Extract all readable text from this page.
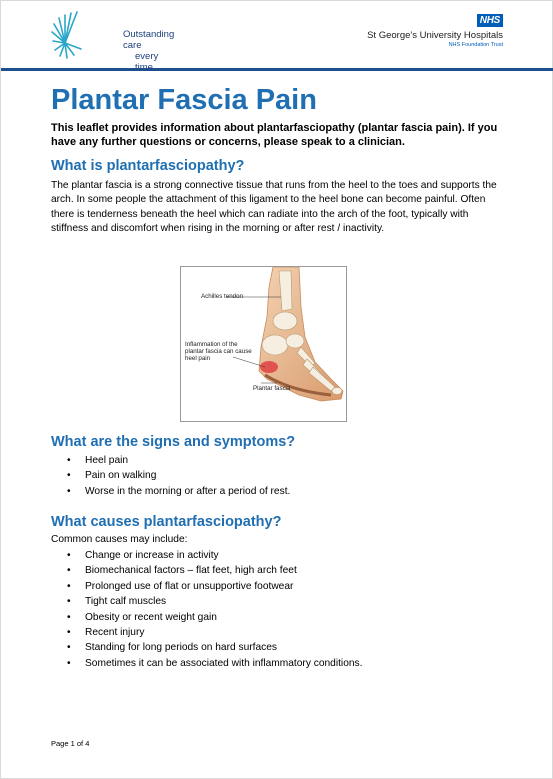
Outstanding care
every
NHS
St George's University Hospitals
NHS Foundation Trust
Plantar Fascia Pain

This leaflet provides information about plantarfasciopathy (plantar fascia pain). If you have any further questions or concerns, please speak to a clinician.

What is plantarfasciopathy?

The plantar fascia is a strong connective tissue that runs from the heel to the toes and supports the arch. In some people the attachment of this ligament to the heel bone can become painful. Often there is tenderness beneath the heel which can radiate into the arch of the foot, typically with stiffness and discomfort when rising in the morning or after rest / inactivity.

Achilles tendon
Inflammation of the plantar fascia can cause heel pain
Plantar fascia
What are the signs and symptoms?
• Heel pain
• Pain on walking
• Worse in the morning or after a period of rest.
What causes plantarfasciopathy?

Common causes may include:

• Change or increase in activity
• Biomechanical factors – flat feet, high arch feet
• Prolonged use of flat or unsupportive footwear
• Tight calf muscles
• Obesity or recent weight gain
• Recent injury
• Standing for long periods on hard surfaces
• Sometimes it can be associated with inflammatory conditions.
Page 1 of 4
